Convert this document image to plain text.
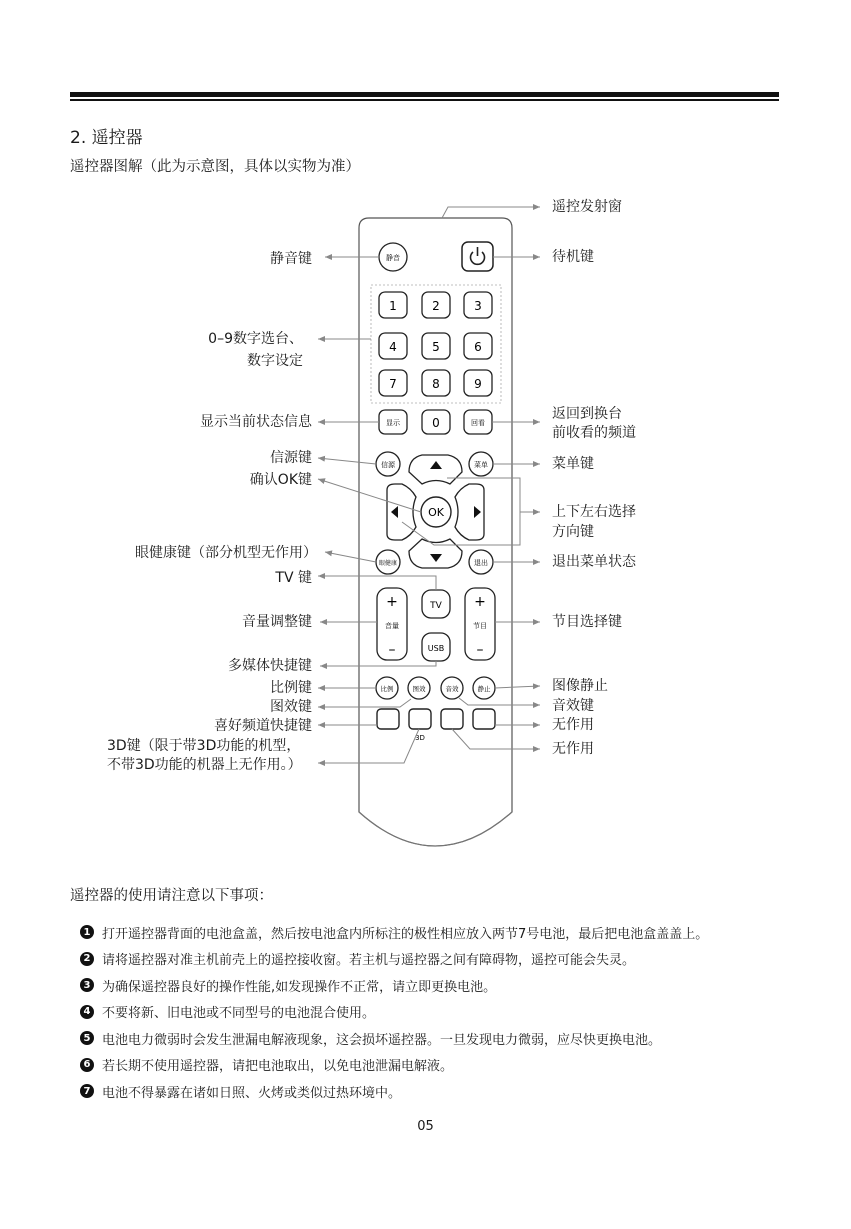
2. 遥控器
遥控器图解（此为示意图，具体以实物为准）
静音
1	2	3
4	5	6
7	8	9
显示	0	回看
信源	菜单
OK
眼健康	退出
+
音量
–
+
节目
–
TV
USB
比例	图效	音效	静止
3D
静音键
0–9数字选台、
数字设定
显示当前状态信息
信源键
确认OK键
眼健康键（部分机型无作用）
TV 键
音量调整键
多媒体快捷键
比例键
图效键
喜好频道快捷键
3D键（限于带3D功能的机型，
不带3D功能的机器上无作用。）
遥控发射窗
待机键
返回到换台
前收看的频道
菜单键
上下左右选择
方向键
退出菜单状态
节目选择键
图像静止
音效键
无作用
无作用
遥控器的使用请注意以下事项：
1 打开遥控器背面的电池盒盖，然后按电池盒内所标注的极性相应放入两节7号电池，最后把电池盒盖盖上。
2 请将遥控器对准主机前壳上的遥控接收窗。若主机与遥控器之间有障碍物，遥控可能会失灵。
3 为确保遥控器良好的操作性能,如发现操作不正常，请立即更换电池。
4 不要将新、旧电池或不同型号的电池混合使用。
5 电池电力微弱时会发生泄漏电解液现象，这会损坏遥控器。一旦发现电力微弱，应尽快更换电池。
6 若长期不使用遥控器，请把电池取出，以免电池泄漏电解液。
7 电池不得暴露在诸如日照、火烤或类似过热环境中。
05
